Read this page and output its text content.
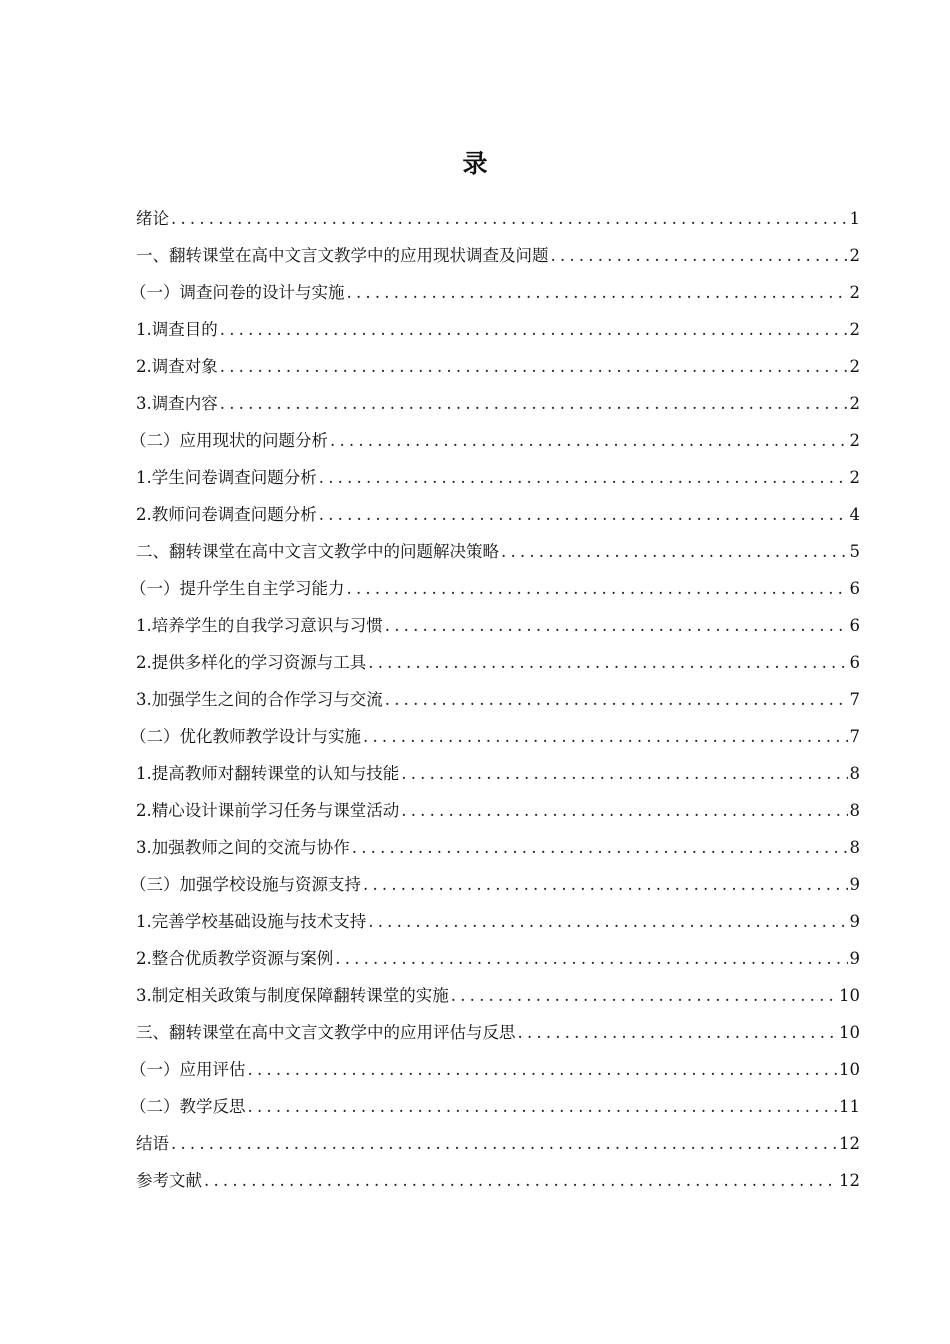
录
绪论 .....	1
一、翻转课堂在高中文言文教学中的应用现状调查及问题 .....	2
（一）调查问卷的设计与实施 .....	2
1.调查目的 .....	2
2.调查对象 .....	2
3.调查内容 .....	2
（二）应用现状的问题分析 .....	2
1.学生问卷调查问题分析 .....	2
2.教师问卷调查问题分析 .....	4
二、翻转课堂在高中文言文教学中的问题解决策略 .....	5
（一）提升学生自主学习能力 .....	6
1.培养学生的自我学习意识与习惯 .....	6
2.提供多样化的学习资源与工具 .....	6
3.加强学生之间的合作学习与交流 .....	7
（二）优化教师教学设计与实施 .....	7
1.提高教师对翻转课堂的认知与技能 .....	8
2.精心设计课前学习任务与课堂活动 .....	8
3.加强教师之间的交流与协作 .....	8
（三）加强学校设施与资源支持 .....	9
1.完善学校基础设施与技术支持 .....	9
2.整合优质教学资源与案例 .....	9
3.制定相关政策与制度保障翻转课堂的实施 .....	10
三、翻转课堂在高中文言文教学中的应用评估与反思 .....	10
（一）应用评估 .....	10
（二）教学反思 .....	11
结语 .....	12
参考文献 .....	12
